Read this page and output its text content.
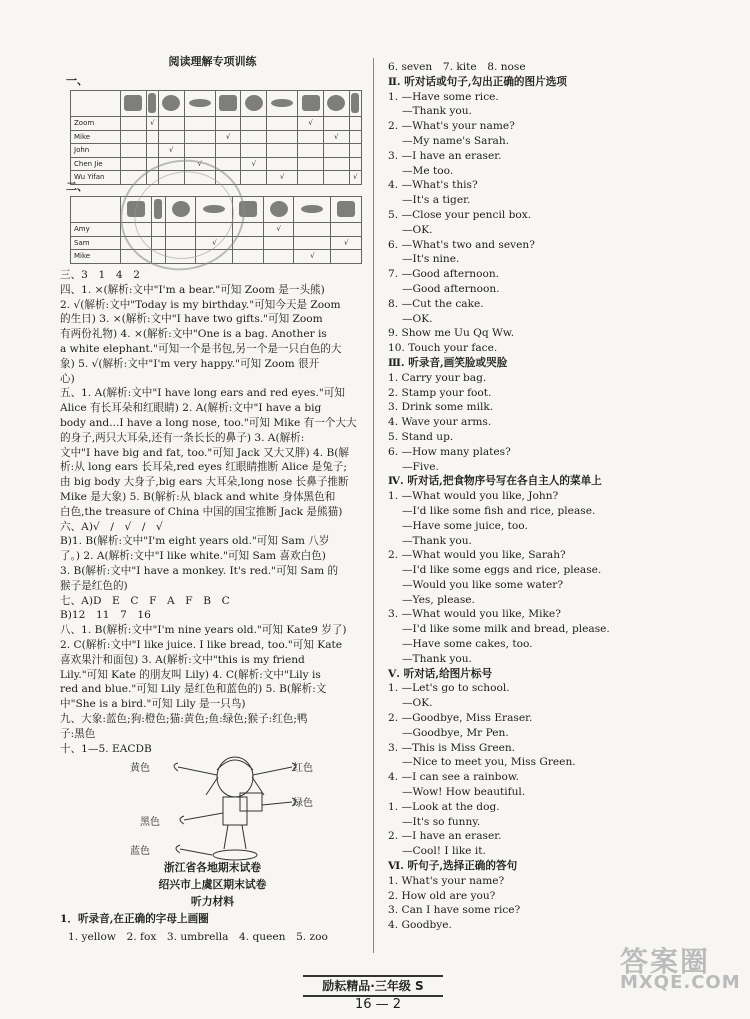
阅读理解专项训练
一、

Zoom		√						√		
Mike					√				√	
John			√							
Chen Jie				√		√				
Wu Yifan							√			√
二、

Amy						√		
Sam				√				√
Mike							√	

三、3　1　4　2

四、1. ×(解析:文中"I'm a bear."可知 Zoom 是一头熊)

2. √(解析:文中"Today is my birthday."可知今天是 Zoom

的生日) 3. ×(解析:文中"I have two gifts."可知 Zoom

有两份礼物) 4. ×(解析:文中"One is a bag. Another is

a white elephant."可知一个是书包,另一个是一只白色的大

象) 5. √(解析:文中"I'm very happy."可知 Zoom 很开

心)

五、1. A(解析:文中"I have long ears and red eyes."可知

Alice 有长耳朵和红眼睛) 2. A(解析:文中"I have a big

body and...I have a long nose, too."可知 Mike 有一个大大

的身子,两只大耳朵,还有一条长长的鼻子) 3. A(解析:

文中"I have big and fat, too."可知 Jack 又大又胖) 4. B(解

析:从 long ears 长耳朵,red eyes 红眼睛推断 Alice 是兔子;

由 big body 大身子,big ears 大耳朵,long nose 长鼻子推断

Mike 是大象) 5. B(解析:从 black and white 身体黑色和

白色,the treasure of China 中国的国宝推断 Jack 是熊猫)

六、A)√　/　√　/　√

B)1. B(解析:文中"I'm eight years old."可知 Sam 八岁

了。) 2. A(解析:文中"I like white."可知 Sam 喜欢白色)

3. B(解析:文中"I have a monkey. It's red."可知 Sam 的

猴子是红色的)

七、A)D　E　C　F　A　F　B　C

B)12　11　7　16

八、1. B(解析:文中"I'm nine years old."可知 Kate9 岁了)

2. C(解析:文中"I like juice. I like bread, too."可知 Kate

喜欢果汁和面包) 3. A(解析:文中"this is my friend

Lily."可知 Kate 的朋友叫 Lily) 4. C(解析:文中"Lily is

red and blue."可知 Lily 是红色和蓝色的) 5. B(解析:文

中"She is a bird."可知 Lily 是一只鸟)

九、大象:蓝色;狗:橙色;猫:黄色;鱼:绿色;猴子:红色;鸭

子:黑色

十、1—5. EACDB

黄色	红色
绿色
黑色
蓝色
浙江省各地期末试卷
绍兴市上虞区期末试卷
听力材料
1．听录音,在正确的字母上画圈
1. yellow　2. fox　3. umbrella　4. queen　5. zoo

6. seven　7. kite　8. nose

Ⅱ. 听对话或句子,勾出正确的图片选项

1. —Have some rice.

　 —Thank you.

2. —What's your name?

　 —My name's Sarah.

3. —I have an eraser.

　 —Me too.

4. —What's this?

　 —It's a tiger.

5. —Close your pencil box.

　 —OK.

6. —What's two and seven?

　 —It's nine.

7. —Good afternoon.

　 —Good afternoon.

8. —Cut the cake.

　 —OK.

9. Show me Uu Qq Ww.

10. Touch your face.

Ⅲ. 听录音,画笑脸或哭脸

1. Carry your bag.

2. Stamp your foot.

3. Drink some milk.

4. Wave your arms.

5. Stand up.

6. —How many plates?

　 —Five.

Ⅳ. 听对话,把食物序号写在各自主人的菜单上

1. —What would you like, John?

　 —I'd like some fish and rice, please.

　 —Have some juice, too.

　 —Thank you.

2. —What would you like, Sarah?

　 —I'd like some eggs and rice, please.

　 —Would you like some water?

　 —Yes, please.

3. —What would you like, Mike?

　 —I'd like some milk and bread, please.

　 —Have some cakes, too.

　 —Thank you.

Ⅴ. 听对话,给图片标号

1. —Let's go to school.

　 —OK.

2. —Goodbye, Miss Eraser.

　 —Goodbye, Mr Pen.

3. —This is Miss Green.

　 —Nice to meet you, Miss Green.

4. —I can see a rainbow.

　 —Wow! How beautiful.

1. —Look at the dog.

　 —It's so funny.

2. —I have an eraser.

　 —Cool! I like it.

Ⅵ. 听句子,选择正确的答句

1. What's your name?

2. How old are you?

3. Can I have some rice?

4. Goodbye.

励耘精品·三年级 S
16 — 2
答案圈
MXQE.COM
